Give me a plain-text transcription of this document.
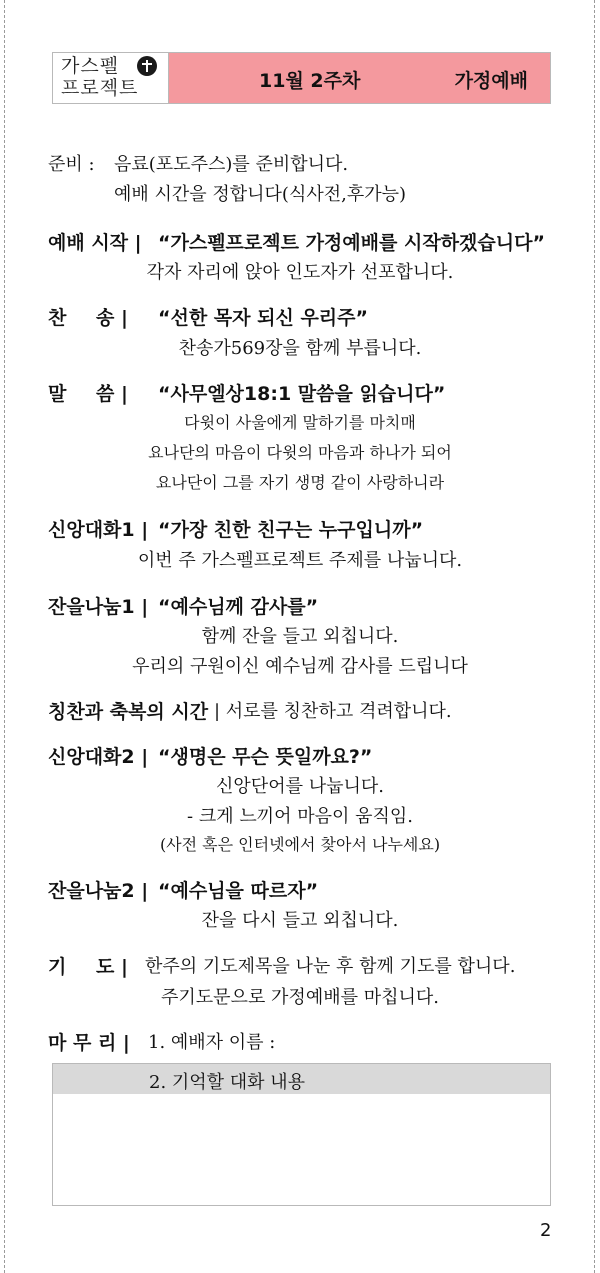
가스펠
프로젝트	11월 2주차	가정예배
준비 : 음료(포도주스)를 준비합니다.
예배 시간을 정합니다(식사전,후가능)
예배 시작 | “가스펠프로젝트 가정예배를 시작하겠습니다”
각자 자리에 앉아 인도자가 선포합니다.
찬 송 | “선한 목자 되신 우리주”
찬송가569장을 함께 부릅니다.
말 씀 | “사무엘상18:1 말씀을 읽습니다”
다윗이 사울에게 말하기를 마치매
요나단의 마음이 다윗의 마음과 하나가 되어
요나단이 그를 자기 생명 같이 사랑하니라
신앙대화1 | “가장 친한 친구는 누구입니까”
이번 주 가스펠프로젝트 주제를 나눕니다.
잔을나눔1 | “예수님께 감사를”
함께 잔을 들고 외칩니다.
우리의 구원이신 예수님께 감사를 드립니다
칭찬과 축복의 시간 | 서로를 칭찬하고 격려합니다.
신앙대화2 | “생명은 무슨 뜻일까요?”
신앙단어를 나눕니다.
- 크게 느끼어 마음이 움직임.
(사전 혹은 인터넷에서 찾아서 나누세요)
잔을나눔2 | “예수님을 따르자”
잔을 다시 들고 외칩니다.
기 도 | 한주의 기도제목을 나눈 후 함께 기도를 합니다.
주기도문으로 가정예배를 마칩니다.
마 무 리 | 1. 예배자 이름 :
2. 기억할 대화 내용
2
